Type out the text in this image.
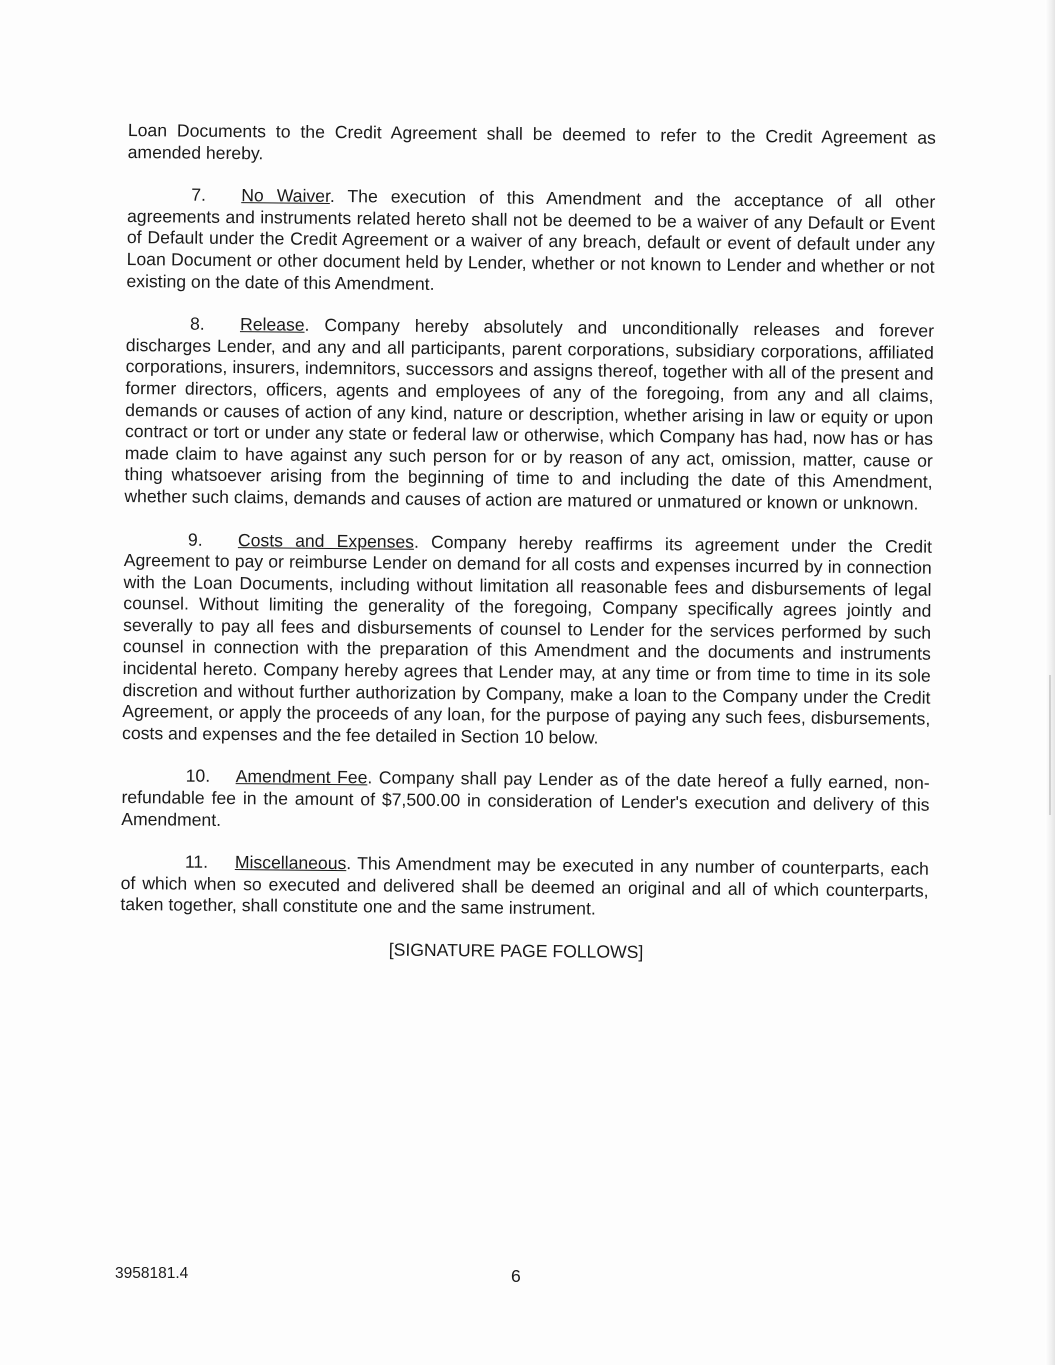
Loan Documents to the Credit Agreement shall be deemed to refer to the Credit Agreement as amended hereby.

7. No Waiver. The execution of this Amendment and the acceptance of all other agreements and instruments related hereto shall not be deemed to be a waiver of any Default or Event of Default under the Credit Agreement or a waiver of any breach, default or event of default under any Loan Document or other document held by Lender, whether or not known to Lender and whether or not existing on the date of this Amendment.

8. Release. Company hereby absolutely and unconditionally releases and forever discharges Lender, and any and all participants, parent corporations, subsidiary corporations, affiliated corporations, insurers, indemnitors, successors and assigns thereof, together with all of the present and former directors, officers, agents and employees of any of the foregoing, from any and all claims, demands or causes of action of any kind, nature or description, whether arising in law or equity or upon contract or tort or under any state or federal law or otherwise, which Company has had, now has or has made claim to have against any such person for or by reason of any act, omission, matter, cause or thing whatsoever arising from the beginning of time to and including the date of this Amendment, whether such claims, demands and causes of action are matured or unmatured or known or unknown.

9. Costs and Expenses. Company hereby reaffirms its agreement under the Credit Agreement to pay or reimburse Lender on demand for all costs and expenses incurred by in connection with the Loan Documents, including without limitation all reasonable fees and disbursements of legal counsel. Without limiting the generality of the foregoing, Company specifically agrees jointly and severally to pay all fees and disbursements of counsel to Lender for the services performed by such counsel in connection with the preparation of this Amendment and the documents and instruments incidental hereto. Company hereby agrees that Lender may, at any time or from time to time in its sole discretion and without further authorization by Company, make a loan to the Company under the Credit Agreement, or apply the proceeds of any loan, for the purpose of paying any such fees, disbursements, costs and expenses and the fee detailed in Section 10 below.

10. Amendment Fee. Company shall pay Lender as of the date hereof a fully earned, non-refundable fee in the amount of $7,500.00 in consideration of Lender's execution and delivery of this Amendment.

11. Miscellaneous. This Amendment may be executed in any number of counterparts, each of which when so executed and delivered shall be deemed an original and all of which counterparts, taken together, shall constitute one and the same instrument.

[SIGNATURE PAGE FOLLOWS]

3958181.4	6
